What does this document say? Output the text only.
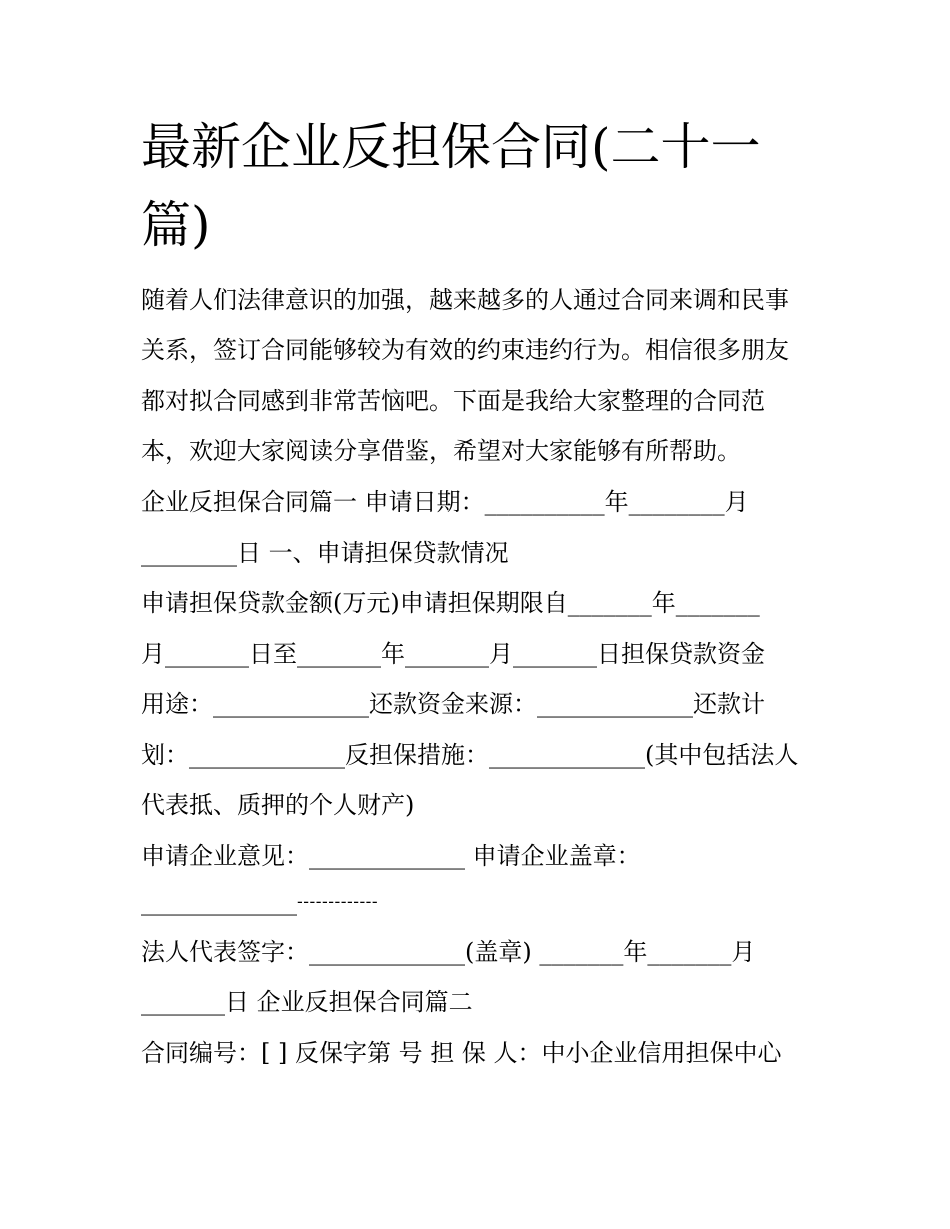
最新企业反担保合同(二十一
篇)

随着人们法律意识的加强，越来越多的人通过合同来调和民事

关系，签订合同能够较为有效的约束违约行为。相信很多朋友

都对拟合同感到非常苦恼吧。下面是我给大家整理的合同范

本，欢迎大家阅读分享借鉴，希望对大家能够有所帮助。

企业反担保合同篇一 申请日期：__________年________月

________日 一、申请担保贷款情况

申请担保贷款金额(万元)申请担保期限自_______年_______

月_______日至_______年_______月_______日担保贷款资金

用途：_____________还款资金来源：_____________还款计

划：_____________反担保措施：_____________(其中包括法人

代表抵、质押的个人财产)

申请企业意见：_____________ 申请企业盖章：

_____________-------------

法人代表签字：_____________(盖章) _______年_______月

_______日 企业反担保合同篇二

合同编号：[ ] 反保字第 号 担 保 人：中小企业信用担保中心
